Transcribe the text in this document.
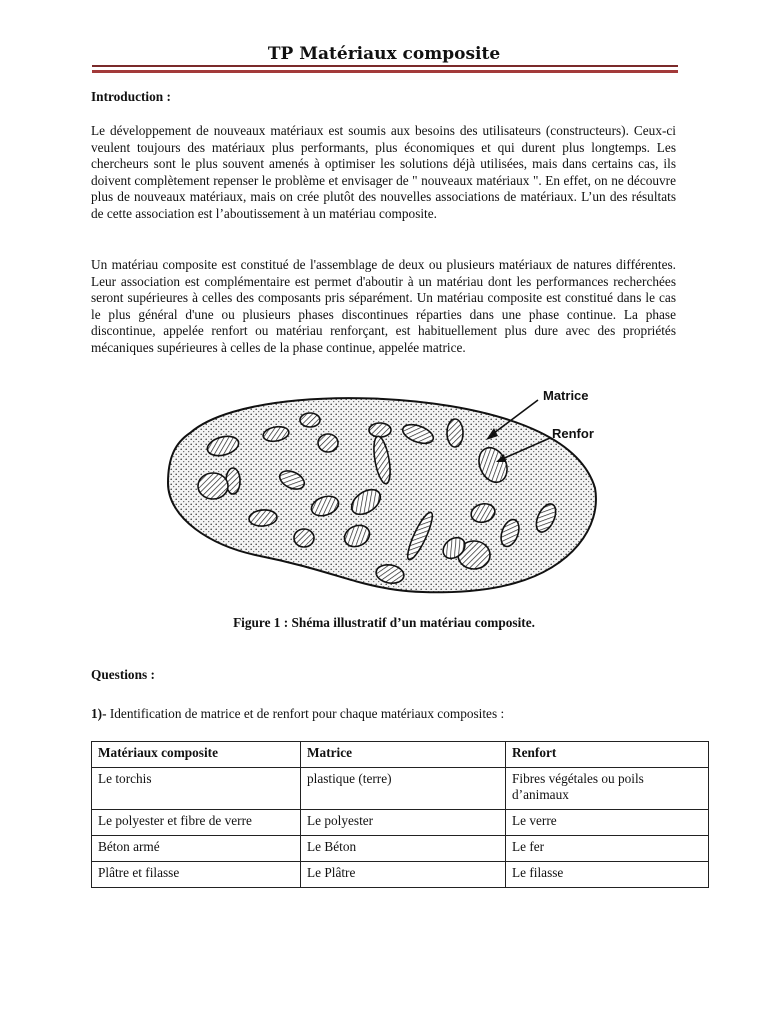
TP Matériaux composite
Introduction :
Le développement de nouveaux matériaux est soumis aux besoins des utilisateurs (constructeurs). Ceux-ci veulent toujours des matériaux plus performants, plus économiques et qui durent plus longtemps. Les chercheurs sont le plus souvent amenés à optimiser les solutions déjà utilisées, mais dans certains cas, ils doivent complètement repenser le problème et envisager de " nouveaux matériaux ". En effet, on ne découvre plus de nouveaux matériaux, mais on crée plutôt des nouvelles associations de matériaux. L’un des résultats de cette association est l’aboutissement à un matériau composite.
Un matériau composite est constitué de l'assemblage de deux ou plusieurs matériaux de natures différentes. Leur association est complémentaire est permet d'aboutir à un matériau dont les performances recherchées seront supérieures à celles des composants pris séparément. Un matériau composite est constitué dans le cas le plus général d'une ou plusieurs phases discontinues réparties dans une phase continue. La phase discontinue, appelée renfort ou matériau renforçant, est habituellement plus dure avec des propriétés mécaniques supérieures à celles de la phase continue, appelée matrice.
Matrice
Renfor
Figure 1 : Shéma illustratif d’un matériau composite.
Questions :
1)- Identification de matrice et de renfort pour chaque matériaux composites :
Matériaux composite	Matrice	Renfort
Le torchis	plastique (terre)	Fibres végétales ou poils d’animaux
Le polyester et fibre de verre	Le polyester	Le verre
Béton armé	Le Béton	Le fer
Plâtre et filasse	Le Plâtre	Le filasse
